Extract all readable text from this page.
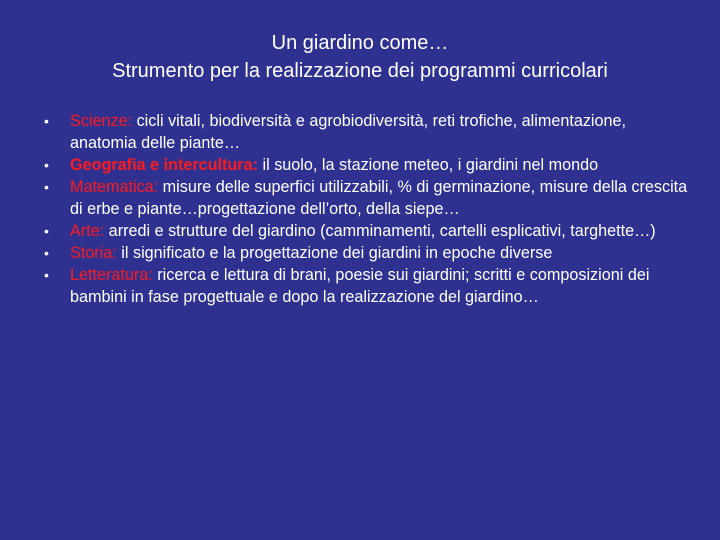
Un giardino come…
Strumento per la realizzazione dei programmi curricolari
• Scienze: cicli vitali, biodiversità e agrobiodiversità, reti trofiche, alimentazione, anatomia delle piante…
• Geografia e intercultura: il suolo, la stazione meteo, i giardini nel mondo
• Matematica: misure delle superfici utilizzabili, % di germinazione, misure della crescita di erbe e piante…progettazione dell’orto, della siepe…
• Arte: arredi e strutture del giardino (camminamenti, cartelli esplicativi, targhette…)
• Storia: il significato e la progettazione dei giardini in epoche diverse
• Letteratura: ricerca e lettura di brani, poesie sui giardini; scritti e composizioni dei bambini in fase progettuale e dopo la realizzazione del giardino…
